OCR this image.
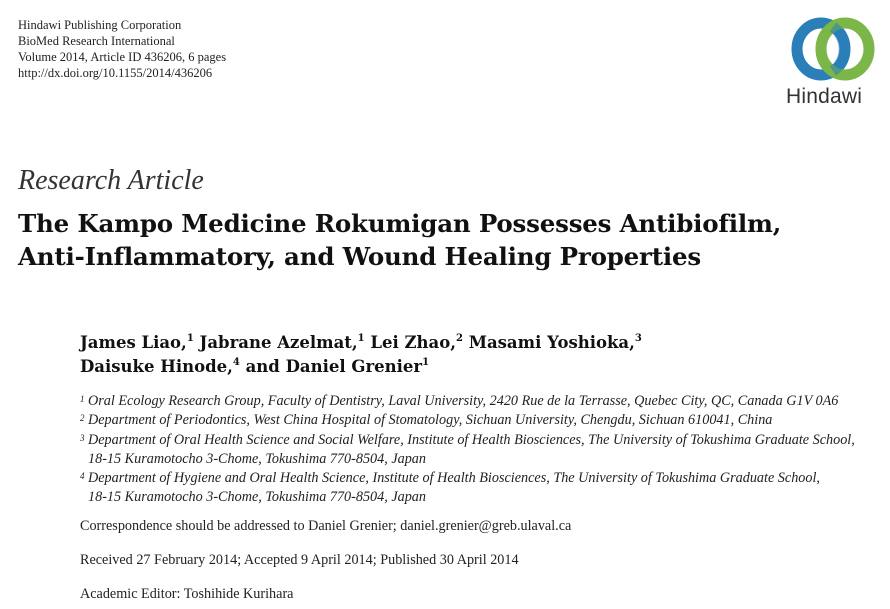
Hindawi Publishing Corporation
BioMed Research International
Volume 2014, Article ID 436206, 6 pages
http://dx.doi.org/10.1155/2014/436206
Hindawi
Research Article
The Kampo Medicine Rokumigan Possesses Antibiofilm,
Anti-Inflammatory, and Wound Healing Properties
James Liao,$^1$ Jabrane Azelmat,$^1$ Lei Zhao,$^2$ Masami Yoshioka,$^3$
Daisuke Hinode,$^4$ and Daniel Grenier$^1$
1 Oral Ecology Research Group, Faculty of Dentistry, Laval University, 2420 Rue de la Terrasse, Quebec City, QC, Canada G1V 0A6
2 Department of Periodontics, West China Hospital of Stomatology, Sichuan University, Chengdu, Sichuan 610041, China
3 Department of Oral Health Science and Social Welfare, Institute of Health Biosciences, The University of Tokushima Graduate School,
18-15 Kuramotocho 3-Chome, Tokushima 770-8504, Japan
4 Department of Hygiene and Oral Health Science, Institute of Health Biosciences, The University of Tokushima Graduate School,
18-15 Kuramotocho 3-Chome, Tokushima 770-8504, Japan
Correspondence should be addressed to Daniel Grenier; daniel.grenier@greb.ulaval.ca
Received 27 February 2014; Accepted 9 April 2014; Published 30 April 2014
Academic Editor: Toshihide Kurihara
